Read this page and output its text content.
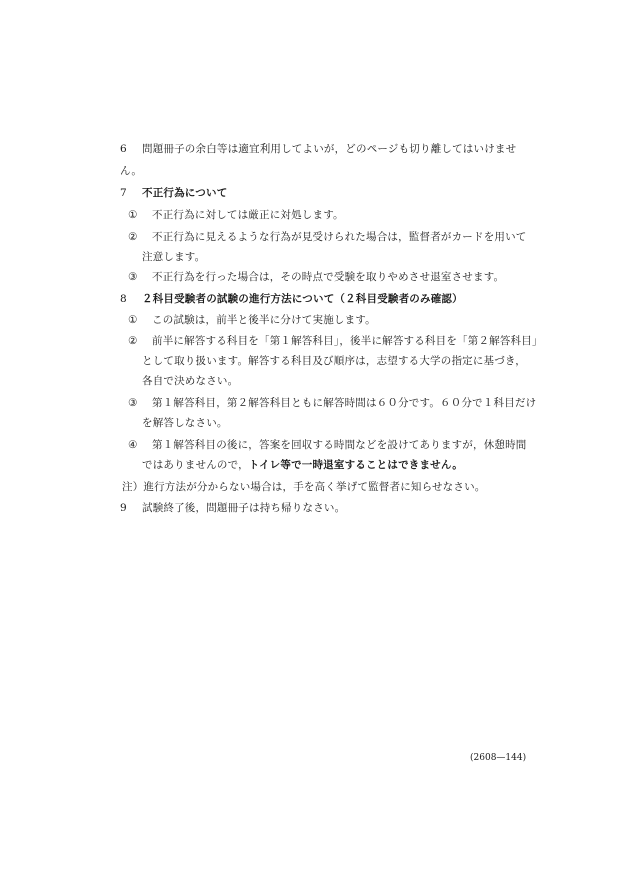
6 問題冊子の余白等は適宜利用してよいが，どのページも切り離してはいけませ
ん。
7 不正行為について
① 不正行為に対しては厳正に対処します。
② 不正行為に見えるような行為が見受けられた場合は，監督者がカードを用いて
注意します。
③ 不正行為を行った場合は，その時点で受験を取りやめさせ退室させます。
8 ２科目受験者の試験の進行方法について（２科目受験者のみ確認）
① この試験は，前半と後半に分けて実施します。
② 前半に解答する科目を「第１解答科目」，後半に解答する科目を「第２解答科目」
として取り扱います。解答する科目及び順序は，志望する大学の指定に基づき，
各自で決めなさい。
③ 第１解答科目，第２解答科目ともに解答時間は６０分です。６０分で１科目だけ
を解答しなさい。
④ 第１解答科目の後に，答案を回収する時間などを設けてありますが，休憩時間
ではありませんので，トイレ等で一時退室することはできません。
注）進行方法が分からない場合は，手を高く挙げて監督者に知らせなさい。
9 試験終了後，問題冊子は持ち帰りなさい。
(2608—144)
